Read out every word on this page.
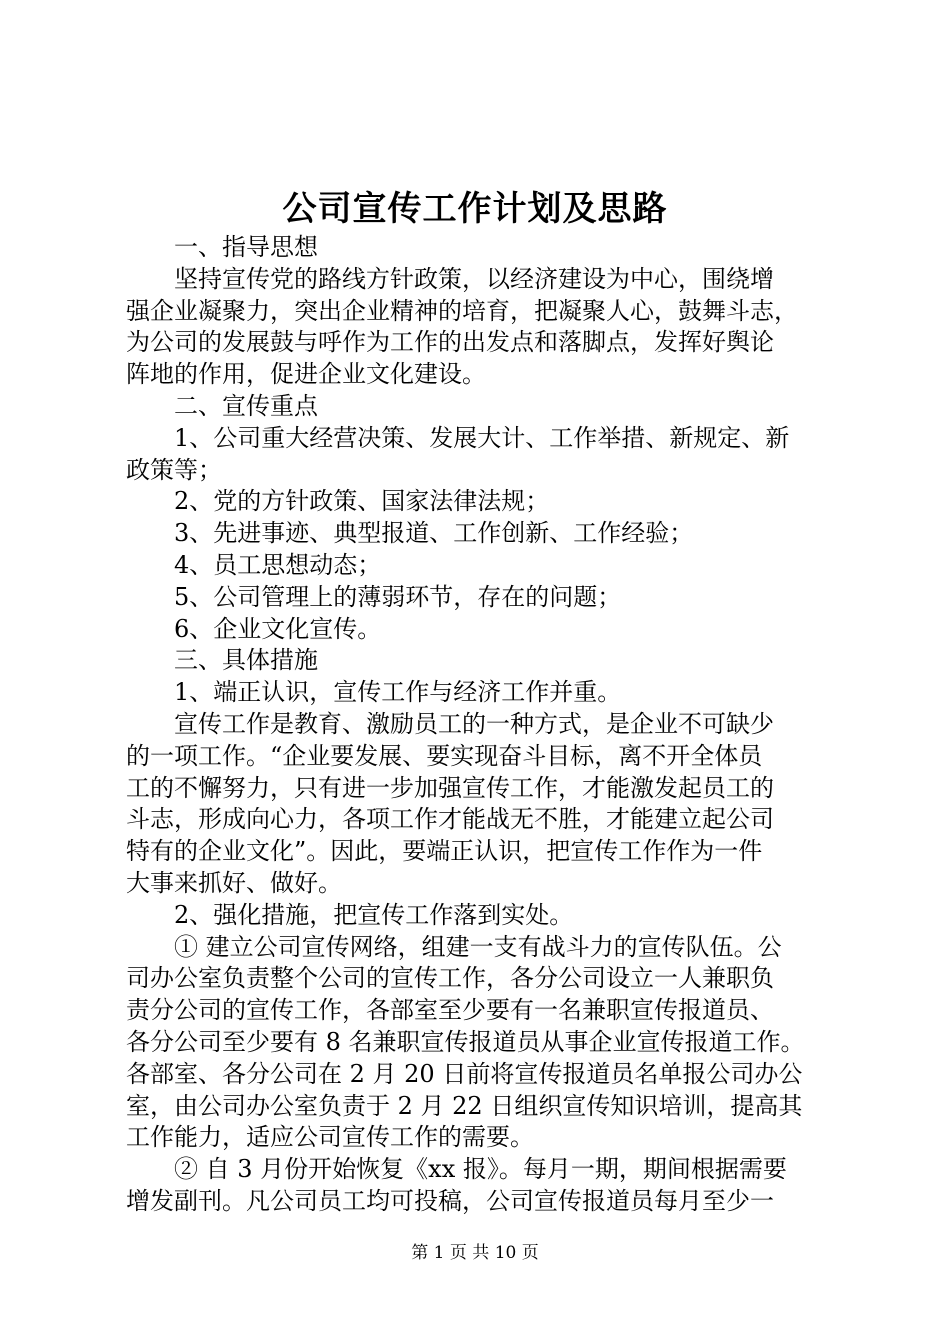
公司宣传工作计划及思路
　　一、指导思想
　　坚持宣传党的路线方针政策，以经济建设为中心，围绕增
强企业凝聚力，突出企业精神的培育，把凝聚人心，鼓舞斗志，
为公司的发展鼓与呼作为工作的出发点和落脚点，发挥好舆论
阵地的作用，促进企业文化建设。
　　二、宣传重点
　　1、公司重大经营决策、发展大计、工作举措、新规定、新
政策等；
　　2、党的方针政策、国家法律法规；
　　3、先进事迹、典型报道、工作创新、工作经验；
　　4、员工思想动态；
　　5、公司管理上的薄弱环节，存在的问题；
　　6、企业文化宣传。
　　三、具体措施
　　1、端正认识，宣传工作与经济工作并重。
　　宣传工作是教育、激励员工的一种方式，是企业不可缺少
的一项工作。“企业要发展、要实现奋斗目标，离不开全体员
工的不懈努力，只有进一步加强宣传工作，才能激发起员工的
斗志，形成向心力，各项工作才能战无不胜，才能建立起公司
特有的企业文化”。因此，要端正认识，把宣传工作作为一件
大事来抓好、做好。
　　2、强化措施，把宣传工作落到实处。
　　① 建立公司宣传网络，组建一支有战斗力的宣传队伍。公
司办公室负责整个公司的宣传工作，各分公司设立一人兼职负
责分公司的宣传工作，各部室至少要有一名兼职宣传报道员、
各分公司至少要有 8 名兼职宣传报道员从事企业宣传报道工作。
各部室、各分公司在 2 月 20 日前将宣传报道员名单报公司办公
室，由公司办公室负责于 2 月 22 日组织宣传知识培训，提高其
工作能力，适应公司宣传工作的需要。
　　② 自 3 月份开始恢复《xx 报》。每月一期，期间根据需要
增发副刊。凡公司员工均可投稿，公司宣传报道员每月至少一
第 1 页 共 10 页
